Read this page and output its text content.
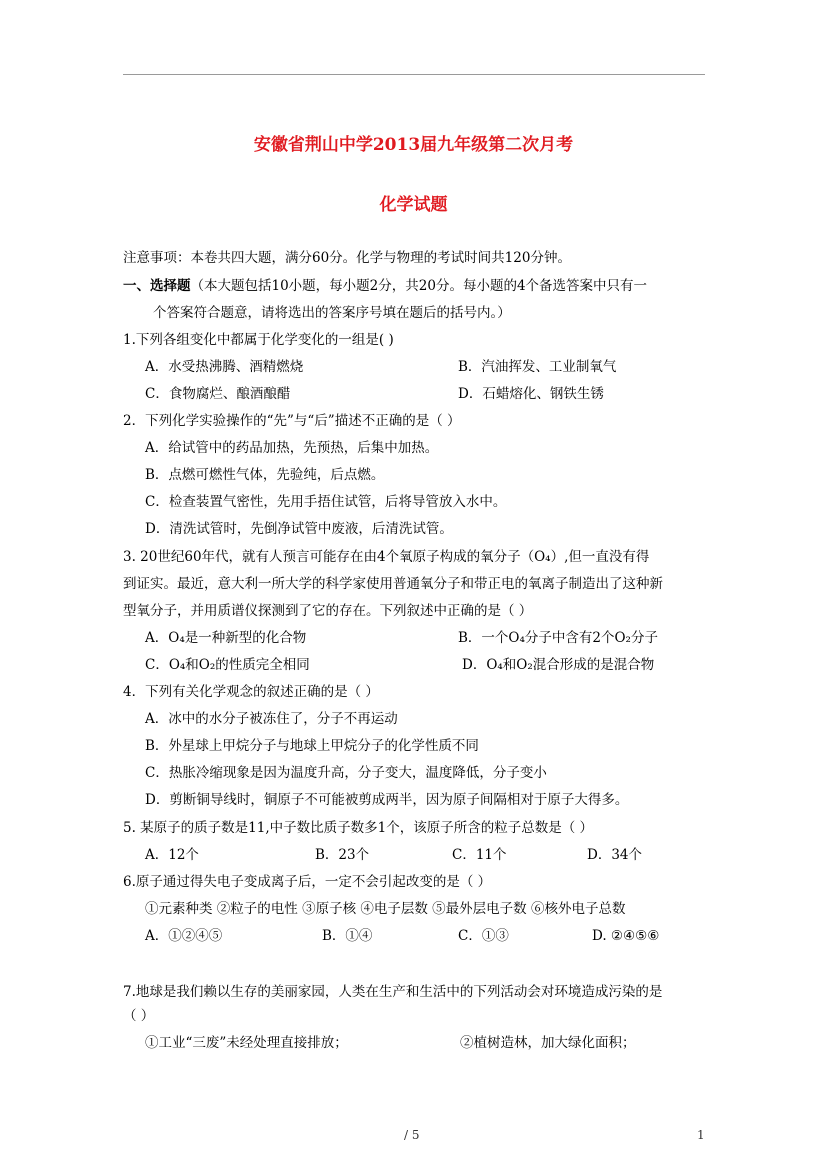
安徽省荆山中学2013届九年级第二次月考
化学试题
注意事项：本卷共四大题，满分60分。化学与物理的考试时间共120分钟。
一、选择题（本大题包括10小题，每小题2分，共20分。每小题的4个备选答案中只有一
个答案符合题意，请将选出的答案序号填在题后的括号内。）
1.下列各组变化中都属于化学变化的一组是( )
A．水受热沸腾、酒精燃烧	B．汽油挥发、工业制氧气
C．食物腐烂、酿酒酿醋	D．石蜡熔化、钢铁生锈
2．下列化学实验操作的“先”与“后”描述不正确的是（ ）
A．给试管中的药品加热，先预热，后集中加热。
B．点燃可燃性气体，先验纯，后点燃。
C．检查装置气密性，先用手捂住试管，后将导管放入水中。
D．清洗试管时，先倒净试管中废液，后清洗试管。
3. 20世纪60年代，就有人预言可能存在由4个氧原子构成的氧分子（O₄）,但一直没有得
到证实。最近，意大利一所大学的科学家使用普通氧分子和带正电的氧离子制造出了这种新
型氧分子，并用质谱仪探测到了它的存在。下列叙述中正确的是（ ）
A．O₄是一种新型的化合物	B．一个O₄分子中含有2个O₂分子
C．O₄和O₂的性质完全相同	D．O₄和O₂混合形成的是混合物
4．下列有关化学观念的叙述正确的是（ ）
A．冰中的水分子被冻住了，分子不再运动
B．外星球上甲烷分子与地球上甲烷分子的化学性质不同
C．热胀冷缩现象是因为温度升高，分子变大，温度降低，分子变小
D．剪断铜导线时，铜原子不可能被剪成两半，因为原子间隔相对于原子大得多。
5. 某原子的质子数是11,中子数比质子数多1个，该原子所含的粒子总数是（ ）
A．12个	B．23个	C．11个	D．34个
6.原子通过得失电子变成离子后，一定不会引起改变的是（ ）
①元素种类 ②粒子的电性 ③原子核 ④电子层数 ⑤最外层电子数 ⑥核外电子总数
A．①②④⑤	B．①④	C．①③	D. ②④⑤⑥
7.地球是我们赖以生存的美丽家园，人类在生产和生活中的下列活动会对环境造成污染的是
（ ）
①工业“三废”未经处理直接排放；	②植树造林，加大绿化面积；
/ 5	1
